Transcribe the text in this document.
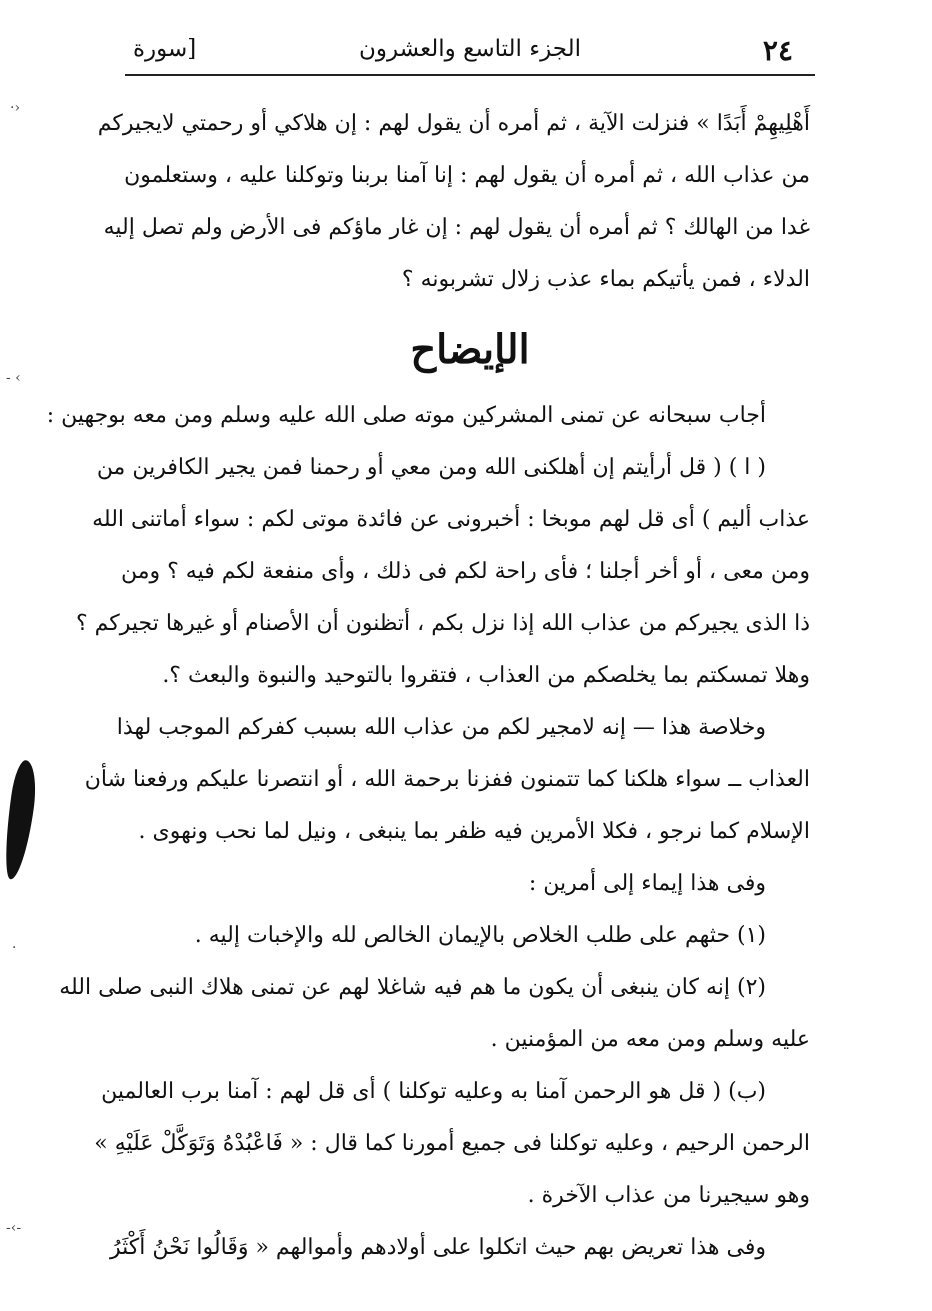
٢٤
الجزء التاسع والعشرون
[سورة
أَهْلِيهِمْ أَبَدًا » فنزلت الآية ، ثم أمره أن يقول لهم : إن هلاكي أو رحمتي لايجيركم
من عذاب الله ، ثم أمره أن يقول لهم : إنا آمنا بربنا وتوكلنا عليه ، وستعلمون
غدا من الهالك ؟ ثم أمره أن يقول لهم : إن غار ماؤكم فى الأرض ولم تصل إليه
الدلاء ، فمن يأتيكم بماء عذب زلال تشربونه ؟
الإيضاح
أجاب سبحانه عن تمنى المشركين موته صلى الله عليه وسلم ومن معه بوجهين :
( ا ) ( قل أرأيتم إن أهلكنى الله ومن معي أو رحمنا فمن يجير الكافرين من
عذاب أليم ) أى قل لهم موبخا : أخبرونى عن فائدة موتى لكم : سواء أماتنى الله
ومن معى ، أو أخر أجلنا ؛ فأى راحة لكم فى ذلك ، وأى منفعة لكم فيه ؟ ومن
ذا الذى يجيركم من عذاب الله إذا نزل بكم ، أتظنون أن الأصنام أو غيرها تجيركم ؟
وهلا تمسكتم بما يخلصكم من العذاب ، فتقروا بالتوحيد والنبوة والبعث ؟.
وخلاصة هذا — إنه لامجير لكم من عذاب الله بسبب كفركم الموجب لهذا
العذاب ــ سواء هلكنا كما تتمنون ففزنا برحمة الله ، أو انتصرنا عليكم ورفعنا شأن
الإسلام كما نرجو ، فكلا الأمرين فيه ظفر بما ينبغى ، ونيل لما نحب ونهوى .
وفى هذا إيماء إلى أمرين :
(١) حثهم على طلب الخلاص بالإيمان الخالص لله والإخبات إليه .
(٢) إنه كان ينبغى أن يكون ما هم فيه شاغلا لهم عن تمنى هلاك النبى صلى الله
عليه وسلم ومن معه من المؤمنين .
(ب) ( قل هو الرحمن آمنا به وعليه توكلنا ) أى قل لهم : آمنا برب العالمين
الرحمن الرحيم ، وعليه توكلنا فى جميع أمورنا كما قال : « فَاعْبُدْهُ وَتَوَكَّلْ عَلَيْهِ »
وهو سيجيرنا من عذاب الآخرة .
وفى هذا تعريض بهم حيث اتكلوا على أولادهم وأموالهم « وَقَالُوا نَحْنُ أَكْثَرُ
·›
- ‹
·
-‹-
